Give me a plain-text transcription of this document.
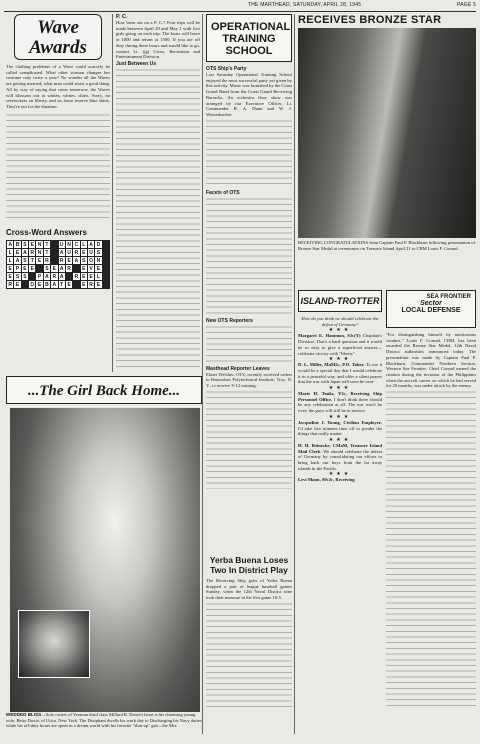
THE MARTHEAD, SATURDAY, APRIL 28, 1945	PAGE 5
Wave Awards

The clothing problems of a Wave could scarcely be called complicated. What other woman changes her costume only twice a year? No wonder all the Waves are getting married, what man could resist a good thing. All by way of saying that come tomorrow, the Waves will blossom out in whites, whites, shirts. Sorry, no seersuckers on liberty, and no loose reserve blue shirts. They're out for the duration.

Cross-Word Answers
A B S E N T	U N C L A D
L E A R N T	A U R E U S
L A S T E R R E A S O N
E P E E	S E A R	E V E
E S S	P A R A R E E L
R E	D E B A T E	E R E
P. C.

How been out on a P. C.? Four trips will be made between April 29 and May 1 with five girls going on each trip. The boats will leave at 1000 and return at 1500. If you are off duty during these hours and would like to go, contact Lt. (jg) Gross, Recreation and Entertainment Division.

Just Between Us
...The Girl Back Home...
WEDDED BLISS—Solo owner of Yeoman third class Millard R. Doxie's heart is his charming young wife, Betty Doxie, of Utica, New York. The Dixiphant dwells his work day to Discharging his Navy duties while his off-duty hours are spent in a dream world with his favorite "shin-up" girl—the Mrs.
OPERATIONAL TRAINING SCHOOL
OTS Ship's Party

Last Saturday Operational Training School enjoyed the most successful party yet given by this activity. Music was furnished by the Coast Guard Band from the Coast Guard Receiving Barracks. An orchestra floor show was arranged by our Executive Officer, Lt. Commander R. A. Dunn and W. J. Wasserbacher.

Facets of OTS
New OTS Reporters
Masthead Reporter Leaves

Elmer Welcher, OTS, recently received orders to Rensselaer Polytechnical Institute, Troy, N. Y., to receive V-12 training.

Yerba Buena Loses Two In District Play

The Receiving Ship gobs of Yerba Buena dropped a pair of league baseball games Sunday, when the 12th Naval District nine took their measure in the first game 10-5.

RECEIVES BRONZE STAR
RECEIVING CONGRATULATIONS from Captain Paul P. Blackburn following presentation of Bronze Star Medal at ceremonies on Treasure Island April 21 to CBM Louis F. Conrad.
ISLAND-TROTTER

How do you think we should celebrate the defeat of Germany?

★★★

Margaret E. Hammon, S1c(Y) Chaplain's Division. That's a hard question and it would be so easy to give a superficial answer—celebrate victory with "liberty".

★★★

D. L. Miller, MaM2c, P.O. Tabor. To me it would be a special day that I would celebrate it in a peaceful way, and offer a silent prayer that the war with Japan will soon be over.

★★★

Marie H. Tonks, Y2c, Receiving Ship Personnel Office. I don't think there should be any celebration at all. The war won't be over; the guys will still be in service.

★★★

Jacqueline J. Young, Civilian Employee. I'd take five minutes time off to ponder the things that really matter.

★★★

H. H. Reinecke, CMaM, Treasure Island Mail Clerk. We should celebrate the defeat of Germany by consolidating our efforts to bring back our boys from the far away islands in the Pacific.

★★★

Levi Mann, S9c2c, Receiving

SEA FRONTIER
Sector
LOCAL DEFENSE

"For distinguishing himself by meritorious conduct," Louis F. Conrad, CBM, has been awarded the Bronze Star Medal, 12th Naval District authorities announced today. The presentation was made by Captain Paul P. Blackburn, Commander Northern Section, Western Sea Frontier. Chief Conrad earned the citation during the invasion of the Philippines when the aircraft carrier on which he had served for 29 months, was under attack by the enemy.
